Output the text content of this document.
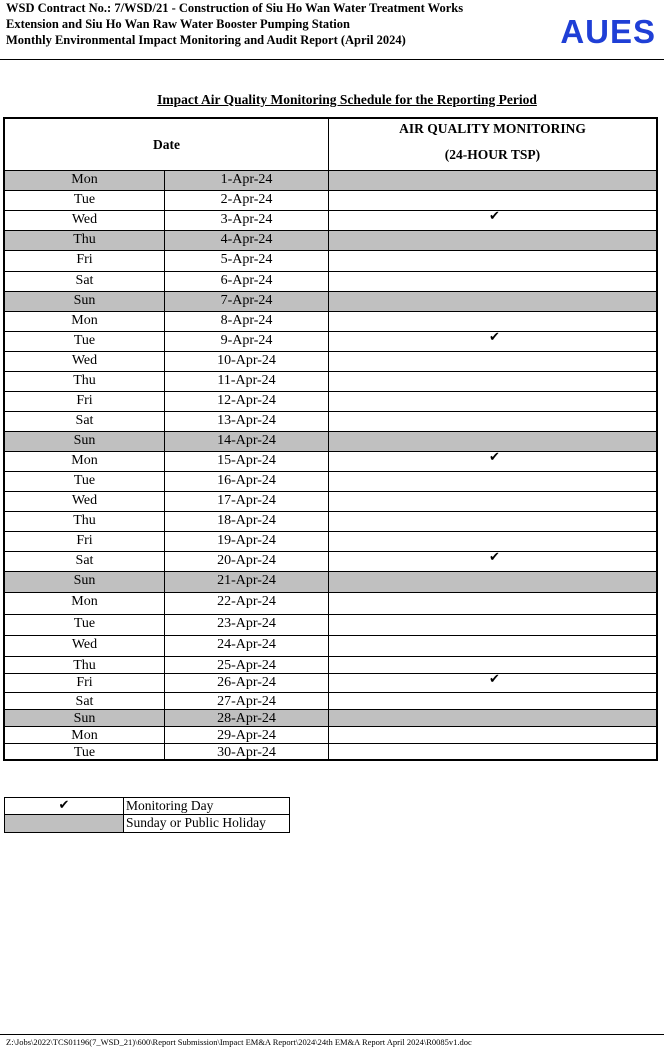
WSD Contract No.: 7/WSD/21 - Construction of Siu Ho Wan Water Treatment Works
Extension and Siu Ho Wan Raw Water Booster Pumping Station
Monthly Environmental Impact Monitoring and Audit Report (April 2024)	AUES
Impact Air Quality Monitoring Schedule for the Reporting Period
Date
AIR QUALITY MONITORING
(24-HOUR TSP)
Mon	1-Apr-24
Tue	2-Apr-24
Wed	3-Apr-24	✔
Thu	4-Apr-24
Fri	5-Apr-24
Sat	6-Apr-24
Sun	7-Apr-24
Mon	8-Apr-24
Tue	9-Apr-24	✔
Wed	10-Apr-24
Thu	11-Apr-24
Fri	12-Apr-24
Sat	13-Apr-24
Sun	14-Apr-24
Mon	15-Apr-24	✔
Tue	16-Apr-24
Wed	17-Apr-24
Thu	18-Apr-24
Fri	19-Apr-24
Sat	20-Apr-24	✔
Sun	21-Apr-24
Mon	22-Apr-24
Tue	23-Apr-24
Wed	24-Apr-24
Thu	25-Apr-24
Fri	26-Apr-24	✔
Sat	27-Apr-24
Sun	28-Apr-24
Mon	29-Apr-24
Tue	30-Apr-24
✔	Monitoring Day
Sunday or Public Holiday
Z:\Jobs\2022\TCS01196(7_WSD_21)\600\Report Submission\Impact EM&A Report\2024\24th EM&A Report April 2024\R0085v1.doc
